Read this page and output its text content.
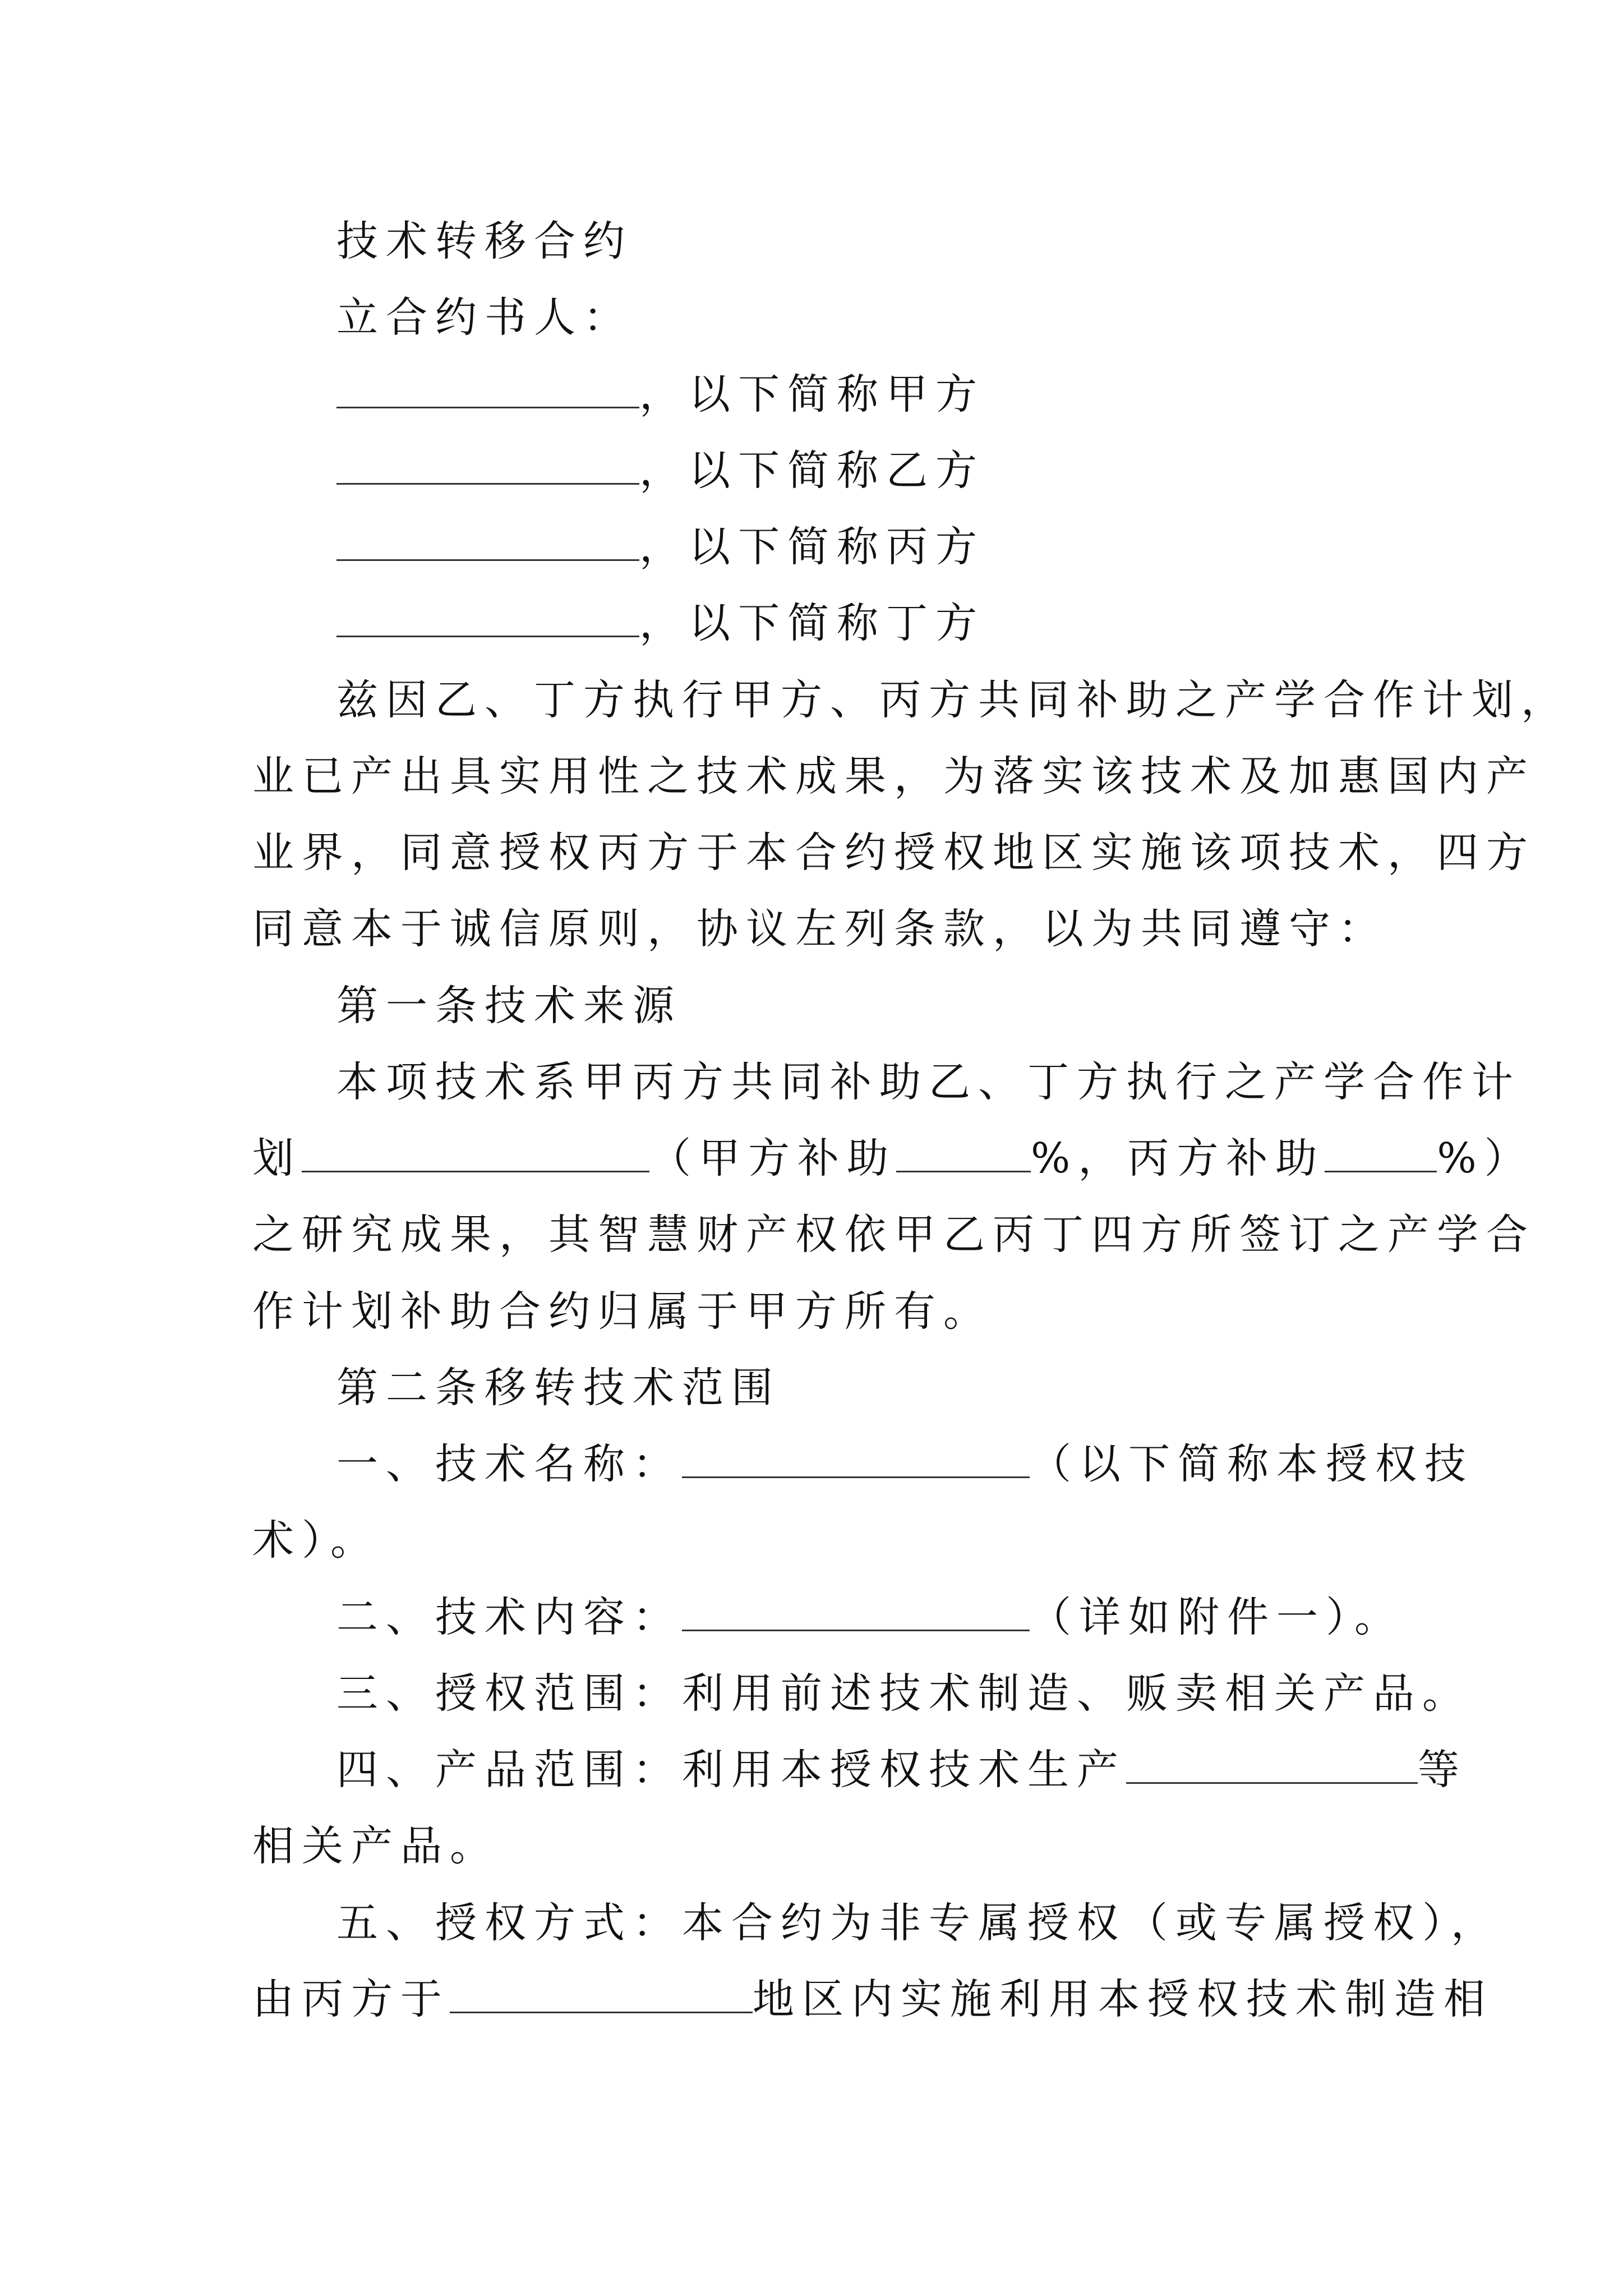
技术转移合约
立合约书人：
，以下简称甲方
，以下简称乙方
，以下简称丙方
，以下简称丁方
兹因乙、丁方执行甲方、丙方共同补助之产学合作计划，
业已产出具实用性之技术成果，为落实该技术及加惠国内产
业界，同意授权丙方于本合约授权地区实施该项技术，四方
同意本于诚信原则，协议左列条款，以为共同遵守：
第一条技术来源
本项技术系甲丙方共同补助乙、丁方执行之产学合作计
划	（甲方补助	%，丙方补助	%）
之研究成果，其智慧财产权依甲乙丙丁四方所签订之产学合
作计划补助合约归属于甲方所有。
第二条移转技术范围
一、技术名称：	（以下简称本授权技
术）。
二、技术内容：	（详如附件一）。
三、授权范围：利用前述技术制造、贩卖相关产品。
四、产品范围：利用本授权技术生产	等
相关产品。
五、授权方式：本合约为非专属授权（或专属授权），
由丙方于	地区内实施利用本授权技术制造相
